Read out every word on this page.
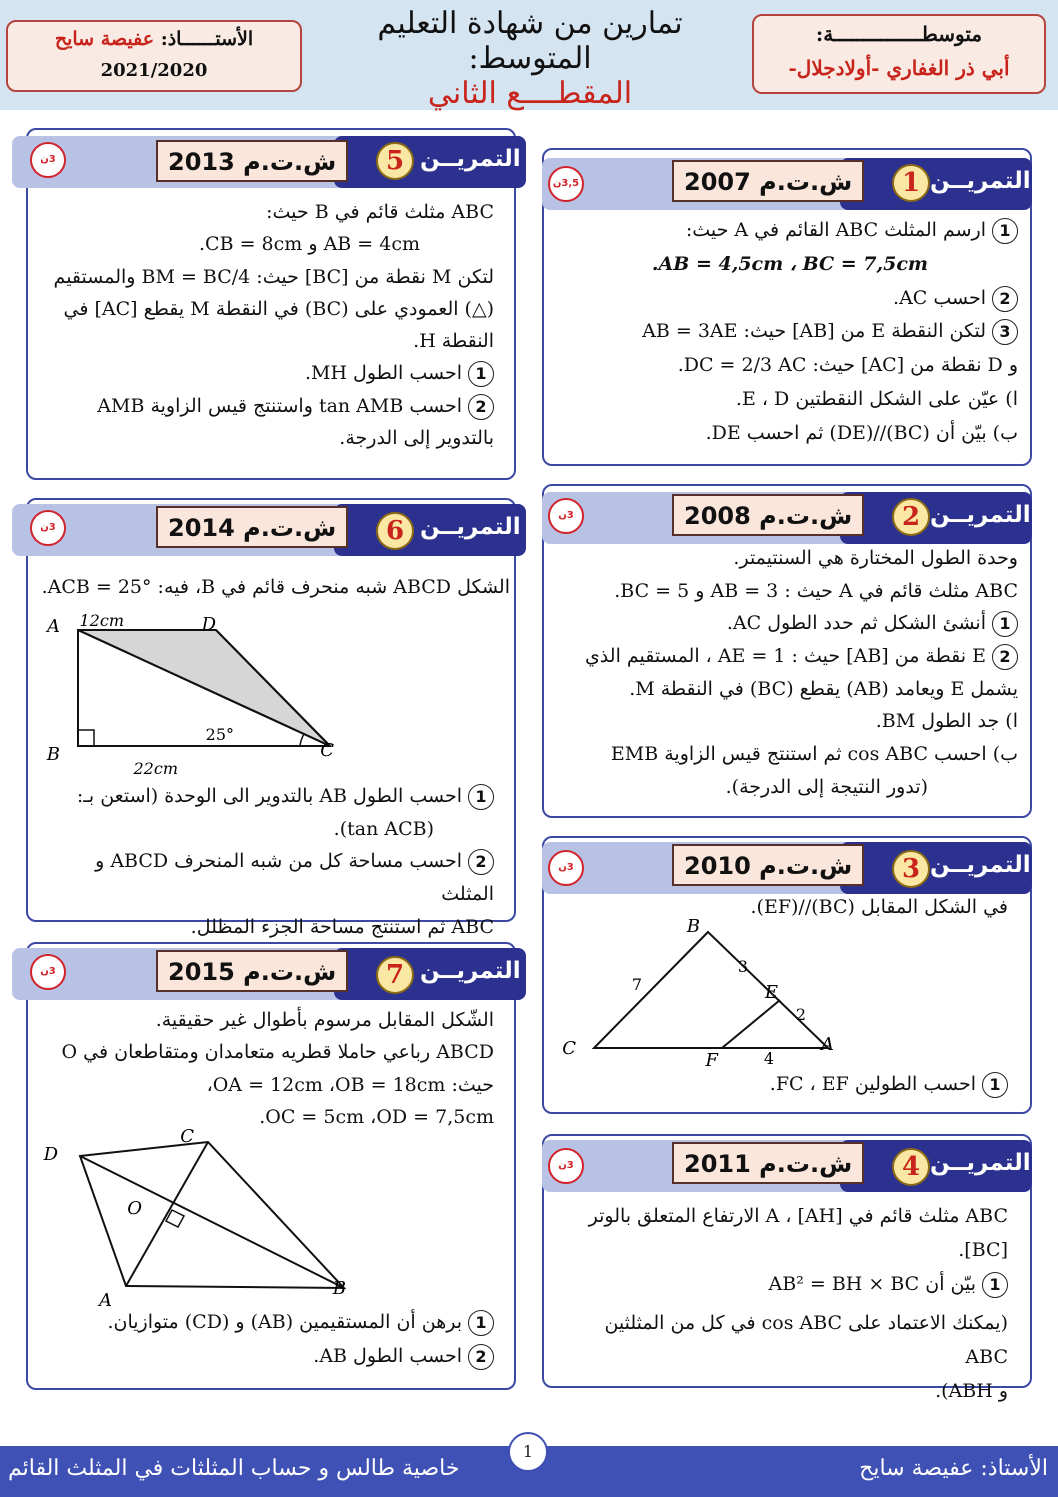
متوسطـــــــــــــــة:
أبي ذر الغفاري -أولادجلال-
تمارين من شهادة التعليم المتوسط:
المقطــــع الثاني
الأستــــــاذ: عفيصة سايح
2021/2020
3,5ن	ش.ت.م 2007	1 التمريــن
1ارسم المثلث ABC القائم في A حيث:
.AB = 4,5cm ، BC = 7,5cm
2احسب AC.
3لتكن النقطة E من [AB] حيث: AB = 3AE
و D نقطة من [AC] حيث: DC = 2/3 AC.
ا) عيّن على الشكل النقطتين E ، D.
ب) بيّن أن (BC)//(DE) ثم احسب DE.
3ن	ش.ت.م 2008	2 التمريــن
وحدة الطول المختارة هي السنتيمتر.
ABC مثلث قائم في A حيث : AB = 3 و BC = 5.
1أنشئ الشكل ثم حدد الطول AC.
2E نقطة من [AB] حيث : AE = 1 ، المستقيم الذي
يشمل E ويعامد (AB) يقطع (BC) في النقطة M.
ا) جد الطول BM.
ب) احسب cos ABC ثم استنتج قيس الزاوية EMB
(تدور النتيجة إلى الدرجة).
3ن	ش.ت.م 2010	3 التمريــن
في الشكل المقابل (BC)//(EF).
B
E
A
C
F
7
3
2
4
1احسب الطولين FC ، EF.
3ن	ش.ت.م 2011	4 التمريــن
ABC مثلث قائم في A ، [AH] الارتفاع المتعلق بالوتر
[BC].
1بيّن أن AB² = BH × BC
(يمكنك الاعتماد على cos ABC في كل من المثلثين ABC
و ABH).
3ن	ش.ت.م 2013	5 التمريــن
ABC مثلث قائم في B حيث:
AB = 4cm و CB = 8cm.
لتكن M نقطة من [BC] حيث: BM = BC/4 والمستقيم
(△) العمودي على (BC) في النقطة M يقطع [AC] في
النقطة H.
1احسب الطول MH.
2احسب tan AMB واستنتج قيس الزاوية AMB
بالتدوير إلى الدرجة.
3ن	ش.ت.م 2014	6 التمريــن
الشكل ABCD شبه منحرف قائم في B، فيه: ACB = 25°.
A	D
B	C
12cm
22cm
25°
1احسب الطول AB بالتدوير الى الوحدة (استعن بـ:
(tan ACB).
2احسب مساحة كل من شبه المنحرف ABCD و المثلث
ABC ثم استنتج مساحة الجزء المظلل.
3ن	ش.ت.م 2015	7 التمريــن
الشّكل المقابل مرسوم بأطوال غير حقيقية.
ABCD رباعي حاملا قطريه متعامدان ومتقاطعان في O
حيث: OA = 12cm ،OB = 18cm،
OC = 5cm ،OD = 7,5cm.
D
C
O
A
B
1برهن أن المستقيمين (AB) و (CD) متوازيان.
2احسب الطول AB.
الأستاذ: عفيصة سايح
خاصية طالس و حساب المثلثات في المثلث القائم
1
